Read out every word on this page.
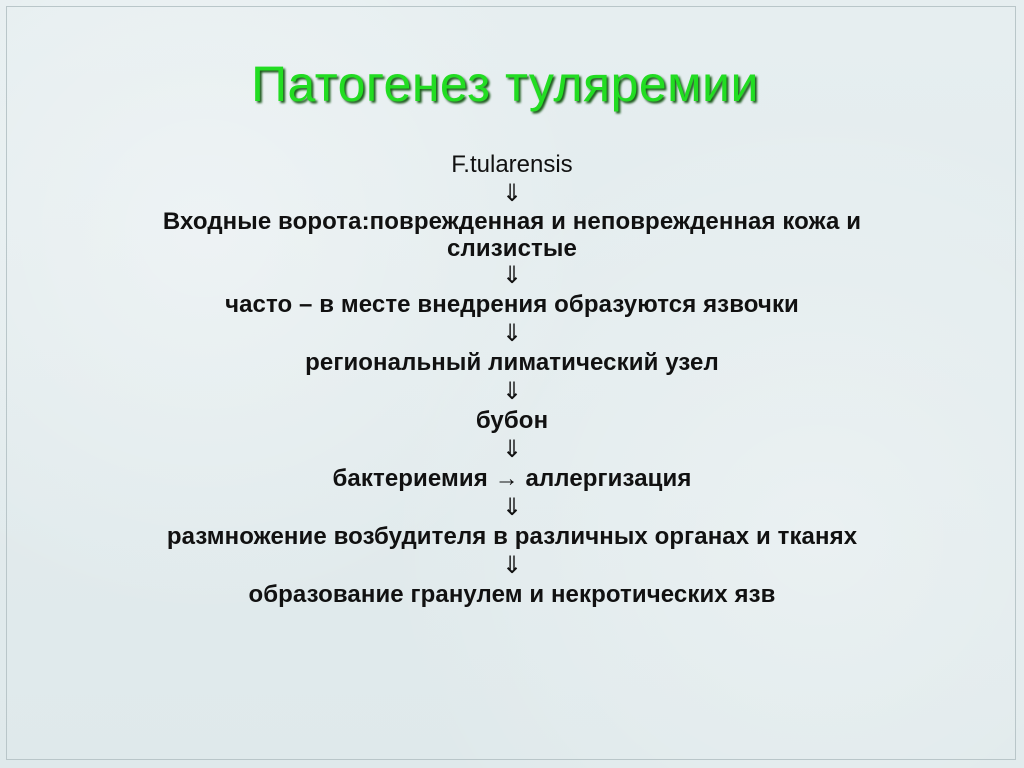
Патогенез туляремии
F.tularensis
⇓
Входные ворота:поврежденная и неповрежденная кожа и слизистые
⇓
часто – в месте внедрения образуются язвочки
⇓
региональный лиматический узел
⇓
бубон
⇓
бактериемия → аллергизация
⇓
размножение возбудителя в различных органах и тканях
⇓
образование гранулем и некротических язв
